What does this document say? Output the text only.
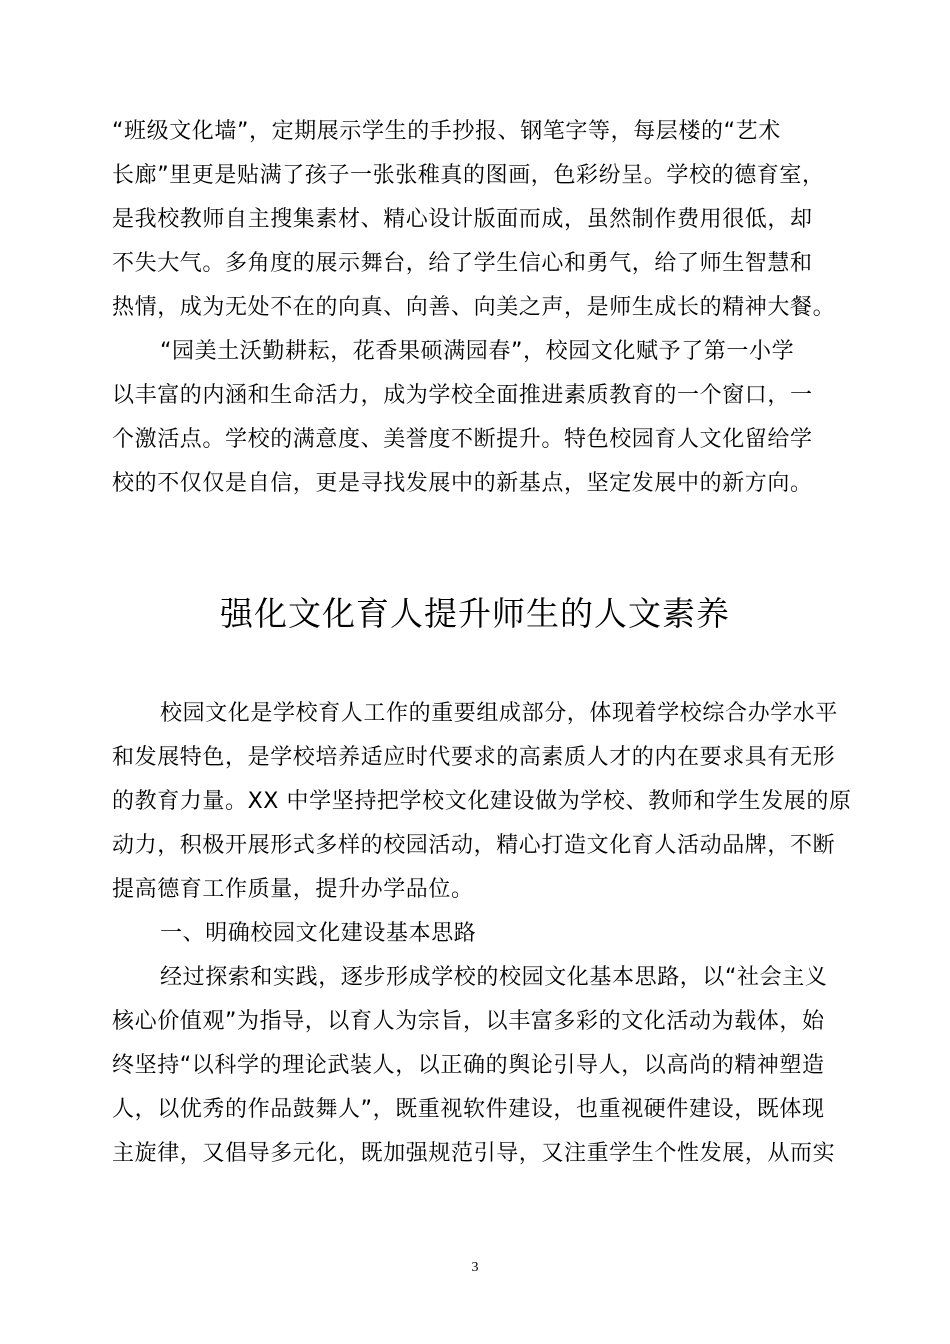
“班级文化墙”，定期展示学生的手抄报、钢笔字等，每层楼的“艺术
长廊”里更是贴满了孩子一张张稚真的图画，色彩纷呈。学校的德育室，
是我校教师自主搜集素材、精心设计版面而成，虽然制作费用很低，却
不失大气。多角度的展示舞台，给了学生信心和勇气，给了师生智慧和
热情，成为无处不在的向真、向善、向美之声，是师生成长的精神大餐。
“园美土沃勤耕耘，花香果硕满园春”，校园文化赋予了第一小学
以丰富的内涵和生命活力，成为学校全面推进素质教育的一个窗口，一
个激活点。学校的满意度、美誉度不断提升。特色校园育人文化留给学
校的不仅仅是自信，更是寻找发展中的新基点，坚定发展中的新方向。
强化文化育人提升师生的人文素养
校园文化是学校育人工作的重要组成部分，体现着学校综合办学水平
和发展特色，是学校培养适应时代要求的高素质人才的内在要求具有无形
的教育力量。XX 中学坚持把学校文化建设做为学校、教师和学生发展的原
动力，积极开展形式多样的校园活动，精心打造文化育人活动品牌，不断
提高德育工作质量，提升办学品位。
一、明确校园文化建设基本思路
经过探索和实践，逐步形成学校的校园文化基本思路，以“社会主义
核心价值观”为指导，以育人为宗旨，以丰富多彩的文化活动为载体，始
终坚持“以科学的理论武装人，以正确的舆论引导人，以高尚的精神塑造
人，以优秀的作品鼓舞人”，既重视软件建设，也重视硬件建设，既体现
主旋律，又倡导多元化，既加强规范引导，又注重学生个性发展，从而实
3
